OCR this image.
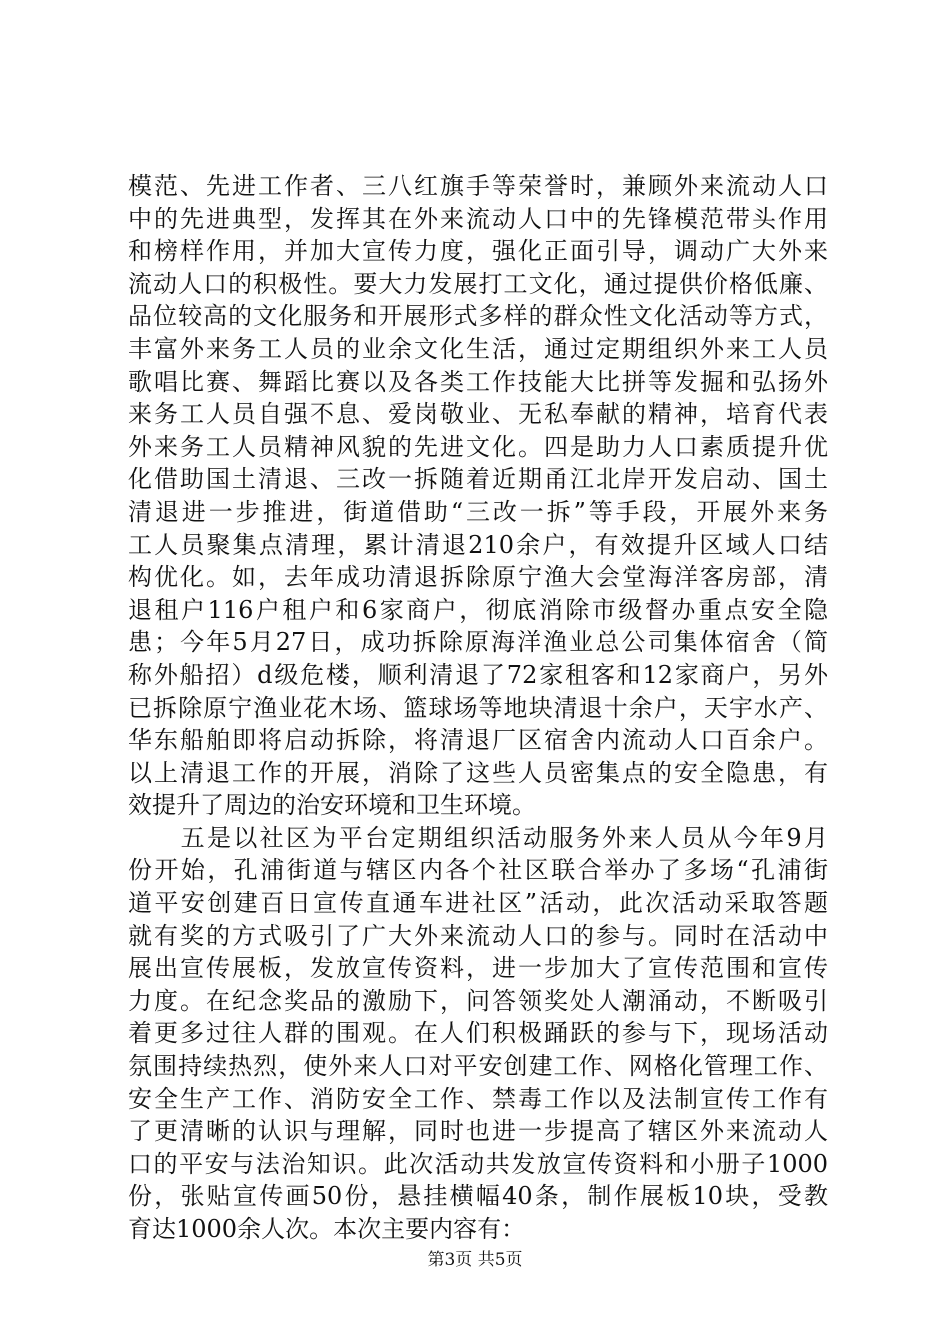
模范、先进工作者、三八红旗手等荣誉时，兼顾外来流动人口
中的先进典型，发挥其在外来流动人口中的先锋模范带头作用
和榜样作用，并加大宣传力度，强化正面引导，调动广大外来
流动人口的积极性。要大力发展打工文化，通过提供价格低廉、
品位较高的文化服务和开展形式多样的群众性文化活动等方式，
丰富外来务工人员的业余文化生活，通过定期组织外来工人员
歌唱比赛、舞蹈比赛以及各类工作技能大比拼等发掘和弘扬外
来务工人员自强不息、爱岗敬业、无私奉献的精神，培育代表
外来务工人员精神风貌的先进文化。四是助力人口素质提升优
化借助国土清退、三改一拆随着近期甬江北岸开发启动、国土
清退进一步推进，街道借助“三改一拆”等手段，开展外来务
工人员聚集点清理，累计清退210余户，有效提升区域人口结
构优化。如，去年成功清退拆除原宁渔大会堂海洋客房部，清
退租户116户租户和6家商户，彻底消除市级督办重点安全隐
患；今年5月27日，成功拆除原海洋渔业总公司集体宿舍（简
称外船招）d级危楼，顺利清退了72家租客和12家商户，另外
已拆除原宁渔业花木场、篮球场等地块清退十余户，天宇水产、
华东船舶即将启动拆除，将清退厂区宿舍内流动人口百余户。
以上清退工作的开展，消除了这些人员密集点的安全隐患，有
效提升了周边的治安环境和卫生环境。
　　五是以社区为平台定期组织活动服务外来人员从今年9月
份开始，孔浦街道与辖区内各个社区联合举办了多场“孔浦街
道平安创建百日宣传直通车进社区”活动，此次活动采取答题
就有奖的方式吸引了广大外来流动人口的参与。同时在活动中
展出宣传展板，发放宣传资料，进一步加大了宣传范围和宣传
力度。在纪念奖品的激励下，问答领奖处人潮涌动，不断吸引
着更多过往人群的围观。在人们积极踊跃的参与下，现场活动
氛围持续热烈，使外来人口对平安创建工作、网格化管理工作、
安全生产工作、消防安全工作、禁毒工作以及法制宣传工作有
了更清晰的认识与理解，同时也进一步提高了辖区外来流动人
口的平安与法治知识。此次活动共发放宣传资料和小册子1000
份，张贴宣传画50份，悬挂横幅40条，制作展板10块，受教
育达1000余人次。本次主要内容有：
第3页 共5页
